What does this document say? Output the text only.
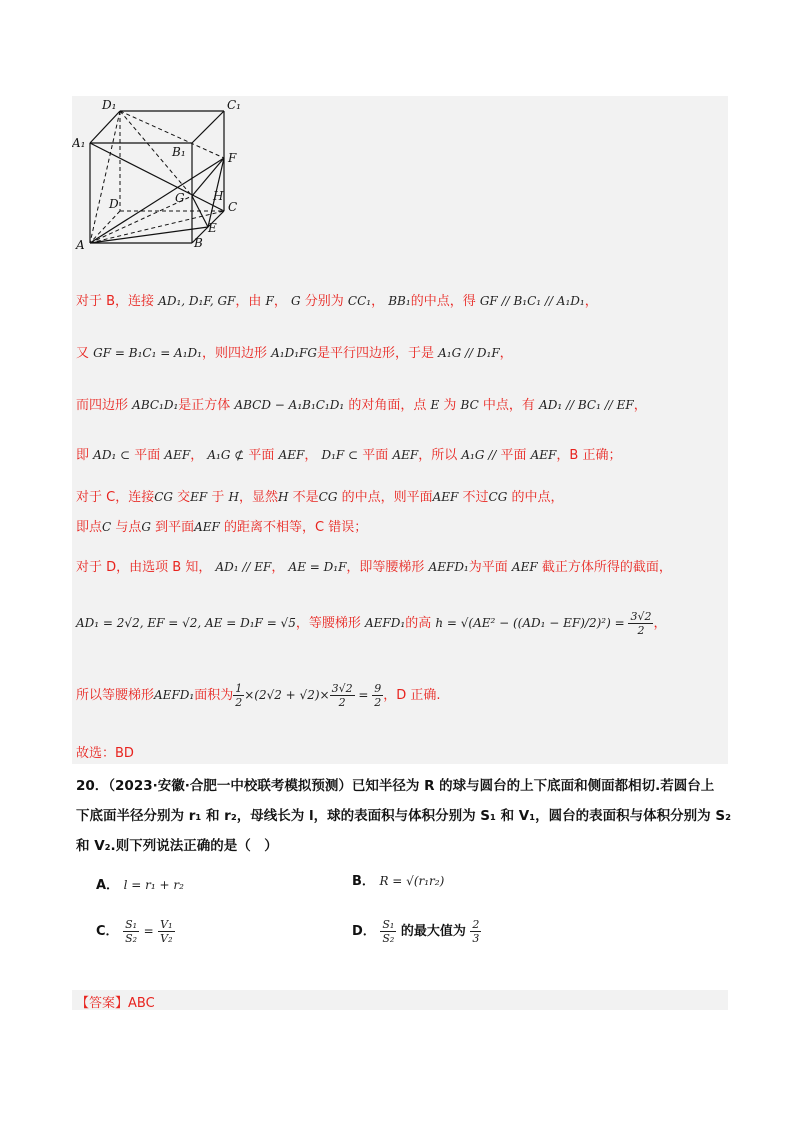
D₁	C₁
A₁
B₁	F
D	G H
C
E
A	B
对于 B，连接 AD₁, D₁F, GF，由 F， G 分别为 CC₁， BB₁的中点，得 GF // B₁C₁ // A₁D₁，
又 GF = B₁C₁ = A₁D₁，则四边形 A₁D₁FG是平行四边形，于是 A₁G // D₁F，
而四边形 ABC₁D₁是正方体 ABCD − A₁B₁C₁D₁ 的对角面，点 E 为 BC 中点，有 AD₁ // BC₁ // EF，
即 AD₁ ⊂ 平面 AEF， A₁G ⊄ 平面 AEF， D₁F ⊂ 平面 AEF，所以 A₁G // 平面 AEF，B 正确；
对于 C，连接CG 交EF 于 H，显然H 不是CG 的中点，则平面AEF 不过CG 的中点，
即点C 与点G 到平面AEF 的距离不相等，C 错误；
对于 D，由选项 B 知， AD₁ // EF， AE = D₁F，即等腰梯形 AEFD₁为平面 AEF 截正方体所得的截面，
AD₁ = 2√2, EF = √2, AE = D₁F = √5，等腰梯形 AEFD₁的高 $h = √(AE^2 - ((AD_1 - EF)/2)^2) = \frac{3√2}{2}$ ，
所以等腰梯形AEFD₁面积为 $\frac{1}{2} \times(2√2 + √2)\times \frac{3√2}{2} = \frac{9}{2}$ ，D 正确.
故选：BD
20．（2023·安徽·合肥一中校联考模拟预测）已知半径为 R 的球与圆台的上下底面和侧面都相切.若圆台上
下底面半径分别为 r₁ 和 r₂，母线长为 l，球的表面积与体积分别为 S₁ 和 V₁，圆台的表面积与体积分别为 S₂
和 V₂.则下列说法正确的是（　）
A． l = r₁ + r₂	B． R = √(r₁r₂)
C． $\frac{\text{S₁}}{\text{S₂}} = \frac{\text{V₁}}{\text{V₂}}$	D． $\frac{\text{S₁}}{\text{S₂}}$ 的最大值为 $\frac{2}{3}$
【答案】ABC
